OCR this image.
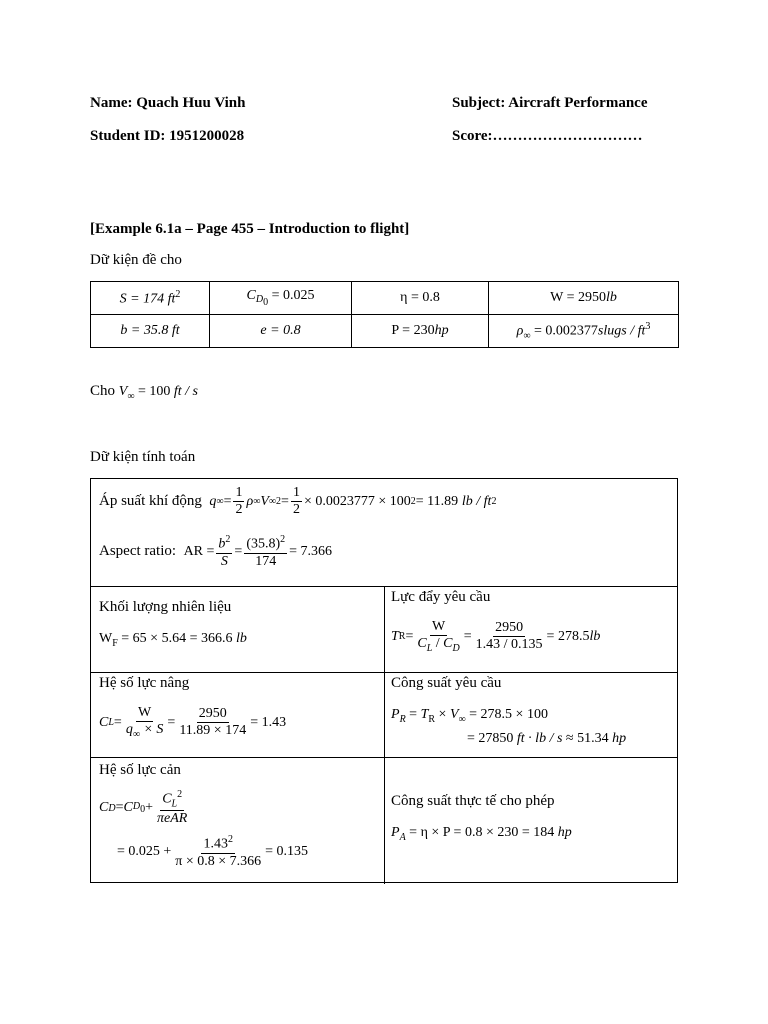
Name: Quach Huu Vinh
Student ID: 1951200028
Subject: Aircraft Performance
Score:…………………………
[Example 6.1a – Page 455 – Introduction to flight]
Dữ kiện đề cho
S = 174 $ft^2$	$C_{D_0} = 0.025$	η = 0.8	W = 2950lb
b = 35.8 ft	e = 0.8	P = 230hp	$\rho_\infty$ = 0.002377slugs / $ft^3$
Cho $V_\infty = 100$ ft / s
Dữ kiện tính toán
Áp suất khí động
q ∞ = $\frac{1}{2}$ ρ ∞ V ∞ $2 = \frac{1}{2} \times 0.0023777 \times 100$ 2 = 11.89
lb / ft 2
Aspect ratio:
AR = $\frac{b^2}{S} = \frac{(35.8)^2}{174} = 7.366$
Khối lượng nhiên liệu
$W_F = 65 \times 5.64 = 366.6$ lb
Lực đẩy yêu cầu
T $R = \frac{W}{C_L / C_D} = \frac{2950}{1.43 / 0.135} = 278.5$ lb
Hệ số lực nâng
C $L = \frac{W}{q_\infty \times S} = \frac{2950}{11.89 \times 174} = 1.43$
Công suất yêu cầu
$P_R = T_R \times V_\infty = 278.5 \times 100$
= 27850 ft · lb / s ≈ 51.34 hp
Hệ số lực cản
C D = C $D_0 + \frac{C_L^2}{\text{πeAR}}$
= $0.025 + \frac{1.43^2}{\pi \times 0.8 \times 7.366} = 0.135$
Công suất thực tế cho phép
$P_A = \eta \times P = 0.8 \times 230 = 184$ hp
